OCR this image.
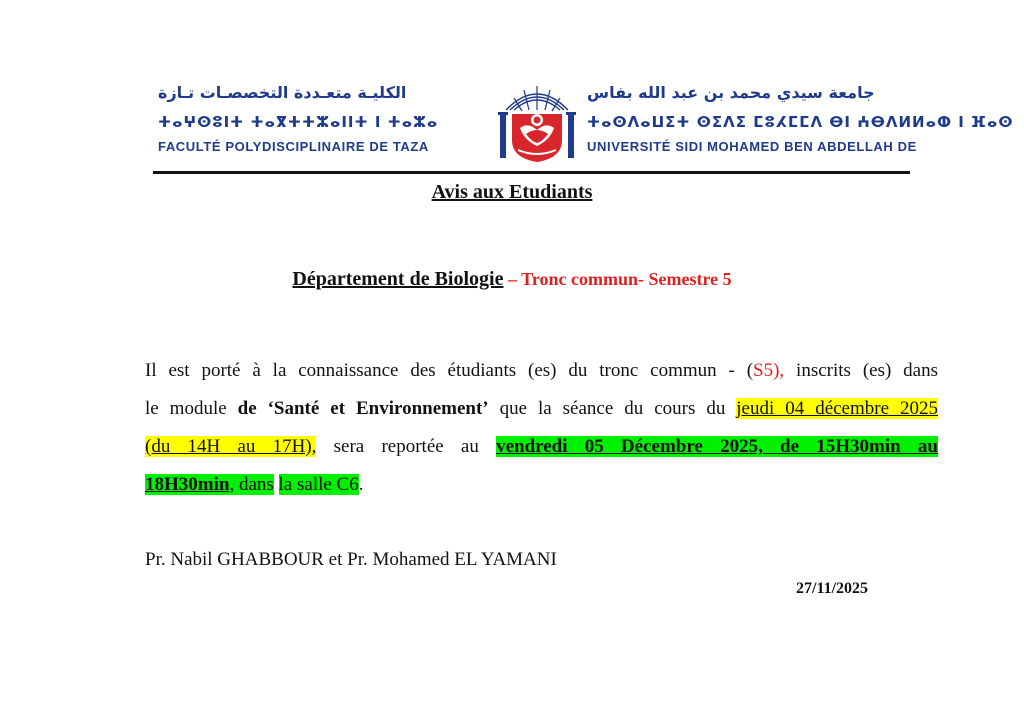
الكليـة متعـددة التخصصـات تـازة
ⵜⴰⵖⵙⵓⵏⵜ ⵜⴰⴳⵜⵜⵣⴰⵏⵏⵜ ⵏ ⵜⴰⵣⴰ
FACULTÉ POLYDISCIPLINAIRE DE TAZA
جامعة سيدي محمد بن عبد الله بفاس
ⵜⴰⵙⴷⴰⵡⵉⵜ ⵙⵉⴷⵉ ⵎⵓⵃⵎⵎⴷ ⴱⵏ ⵄⴱⴷⵍⵍⴰⵀ ⵏ ⴼⴰⵙ
UNIVERSITÉ SIDI MOHAMED BEN ABDELLAH DE
Avis aux Etudiants
Département de Biologie – Tronc commun- Semestre 5
Il est porté à la connaissance des étudiants (es) du tronc commun - (S5), inscrits (es) dans
le module de ‘Santé et Environnement’ que la séance du cours du jeudi 04 décembre 2025
(du 14H au 17H), sera reportée au vendredi 05 Décembre 2025, de 15H30min au
18H30min, dans la salle C6.
Pr. Nabil GHABBOUR et Pr. Mohamed EL YAMANI
27/11/2025
